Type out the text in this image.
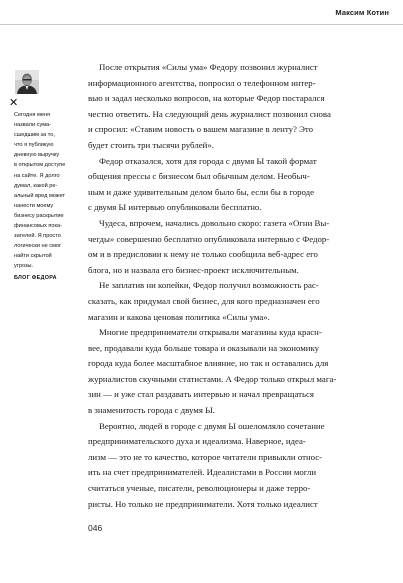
Максим Котин
✕
Сегодня меня
назвали сума-
сшедшим за то,
что я публикую
дневную выручку
в открытом доступе
на сайте. Я долго
думал, какой ре-
альный вред может
нанести моему
бизнесу раскрытие
финансовых пока-
зателей. Я просто
логически не смог
найти скрытой
угрозы.
БЛОГ ФЕДОРА

После открытия «Силы ума» Федору позвонил журналист
информационного агентства, попросил о телефонном интер-
вью и задал несколько вопросов, на которые Федор постарался
честно ответить. На следующий день журналист позвонил снова
и спросил: «Ставим новость о вашем магазине в ленту? Это
будет стоить три тысячи рублей».

Федор отказался, хотя для города с двумя Ы такой формат
общения прессы с бизнесом был обычным делом. Необыч-
ным и даже удивительным делом было бы, если бы в городе
с двумя Ы интервью опубликовали бесплатно.

Чудеса, впрочем, начались довольно скоро: газета «Огни Вы-
чегды» совершенно бесплатно опубликовала интервью с Федор-
ом и в предисловии к нему не только сообщила веб-адрес его
блога, но и назвала его бизнес-проект исключительным.

Не заплатив ни копейки, Федор получил возможность рас-
сказать, как придумал свой бизнес, для кого предназначен его
магазин и какова ценовая политика «Силы ума».

Многие предприниматели открывали магазины куда красн-
вее, продавали куда больше товара и оказывали на экономику
города куда более масштабное влияние, но так и оставались для
журналистов скучными статистами. А Федор только открыл мага-
зин — и уже стал раздавать интервью и начал превращаться
в знаменитость города с двумя Ы.

Вероятно, людей в городе с двумя Ы ошеломляло сочетание
предпринимательского духа и идеализма. Наверное, идеа-
лизм — это не то качество, которое читатели привыкли относ-
ить на счет предпринимателей. Идеалистами в России могли
считаться ученые, писатели, революционеры и даже терро-
ристы. Но только не предприниматели. Хотя только идеалист

046
